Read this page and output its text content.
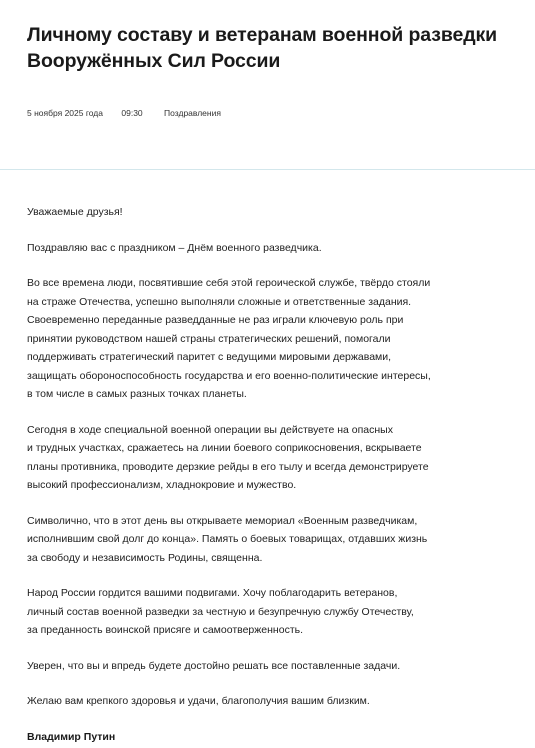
Личному составу и ветеранам военной разведки
Вооружённых Сил России
5 ноября 2025 года 09:30	Поздравления

Уважаемые друзья!

Поздравляю вас с праздником – Днём военного разведчика.

Во все времена люди, посвятившие себя этой героической службе, твёрдо стояли
на страже Отечества, успешно выполняли сложные и ответственные задания.
Своевременно переданные разведданные не раз играли ключевую роль при
принятии руководством нашей страны стратегических решений, помогали
поддерживать стратегический паритет с ведущими мировыми державами,
защищать обороноспособность государства и его военно-политические интересы,
в том числе в самых разных точках планеты.

Сегодня в ходе специальной военной операции вы действуете на опасных
и трудных участках, сражаетесь на линии боевого соприкосновения, вскрываете
планы противника, проводите дерзкие рейды в его тылу и всегда демонстрируете
высокий профессионализм, хладнокровие и мужество.

Символично, что в этот день вы открываете мемориал «Военным разведчикам,
исполнившим свой долг до конца». Память о боевых товарищах, отдавших жизнь
за свободу и независимость Родины, священна.

Народ России гордится вашими подвигами. Хочу поблагодарить ветеранов,
личный состав военной разведки за честную и безупречную службу Отечеству,
за преданность воинской присяге и самоотверженность.

Уверен, что вы и впредь будете достойно решать все поставленные задачи.

Желаю вам крепкого здоровья и удачи, благополучия вашим близким.

Владимир Путин
